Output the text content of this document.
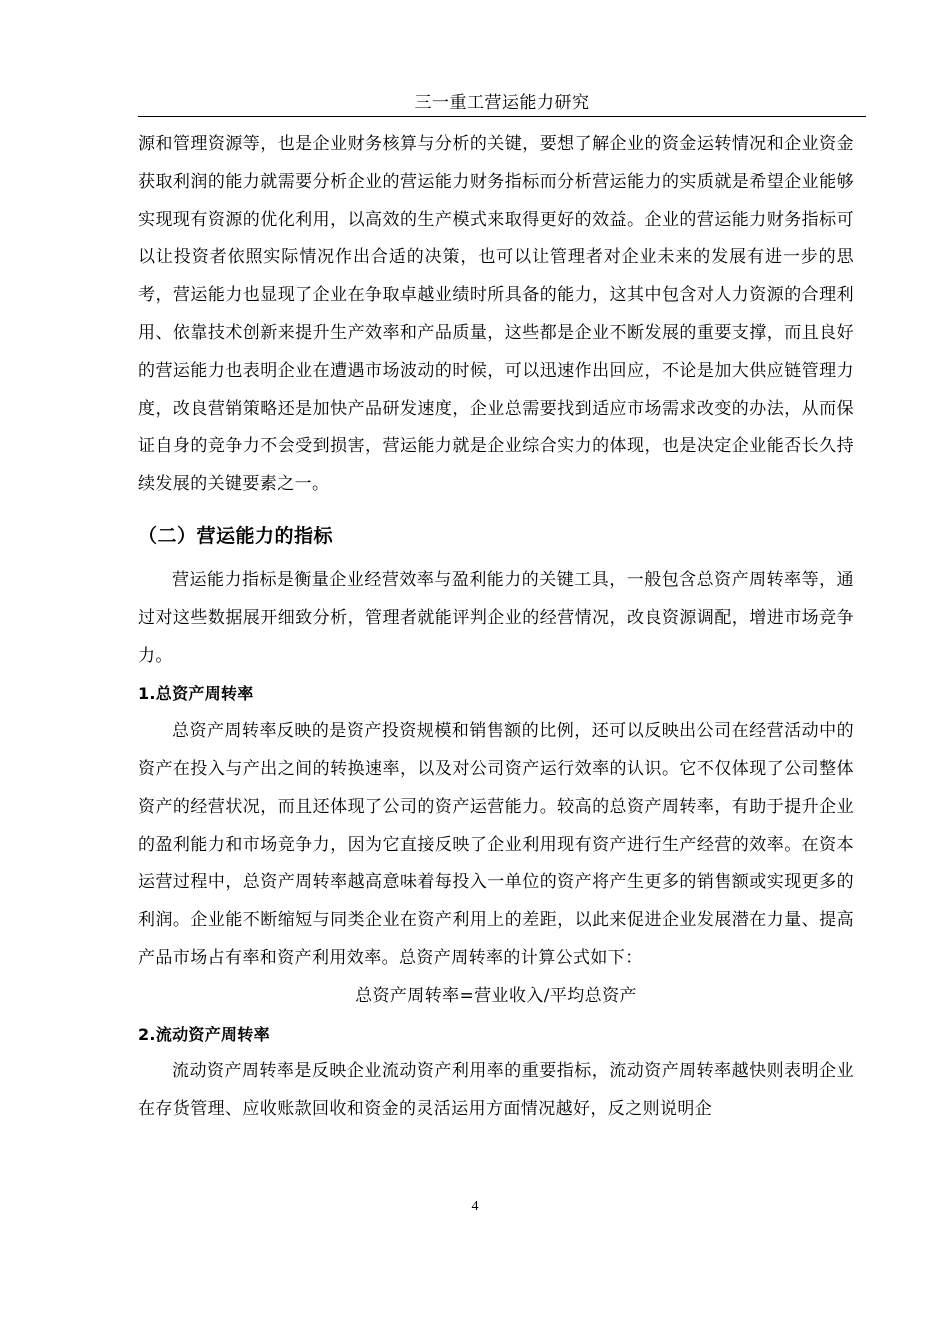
三一重工营运能力研究

源和管理资源等，也是企业财务核算与分析的关键，要想了解企业的资金运转情况和企业资金获取利润的能力就需要分析企业的营运能力财务指标而分析营运能力的实质就是希望企业能够实现现有资源的优化利用，以高效的生产模式来取得更好的效益。企业的营运能力财务指标可以让投资者依照实际情况作出合适的决策，也可以让管理者对企业未来的发展有进一步的思考，营运能力也显现了企业在争取卓越业绩时所具备的能力，这其中包含对人力资源的合理利用、依靠技术创新来提升生产效率和产品质量，这些都是企业不断发展的重要支撑，而且良好的营运能力也表明企业在遭遇市场波动的时候，可以迅速作出回应，不论是加大供应链管理力度，改良营销策略还是加快产品研发速度，企业总需要找到适应市场需求改变的办法，从而保证自身的竞争力不会受到损害，营运能力就是企业综合实力的体现，也是决定企业能否长久持续发展的关键要素之一。

（二）营运能力的指标

营运能力指标是衡量企业经营效率与盈利能力的关键工具，一般包含总资产周转率等，通过对这些数据展开细致分析，管理者就能评判企业的经营情况，改良资源调配，增进市场竞争力。

1.总资产周转率

总资产周转率反映的是资产投资规模和销售额的比例，还可以反映出公司在经营活动中的资产在投入与产出之间的转换速率，以及对公司资产运行效率的认识。它不仅体现了公司整体资产的经营状况，而且还体现了公司的资产运营能力。较高的总资产周转率，有助于提升企业的盈利能力和市场竞争力，因为它直接反映了企业利用现有资产进行生产经营的效率。在资本运营过程中，总资产周转率越高意味着每投入一单位的资产将产生更多的销售额或实现更多的利润。企业能不断缩短与同类企业在资产利用上的差距，以此来促进企业发展潜在力量、提高产品市场占有率和资产利用效率。总资产周转率的计算公式如下：

总资产周转率=营业收入/平均总资产

2.流动资产周转率

流动资产周转率是反映企业流动资产利用率的重要指标，流动资产周转率越快则表明企业在存货管理、应收账款回收和资金的灵活运用方面情况越好，反之则说明企

4
